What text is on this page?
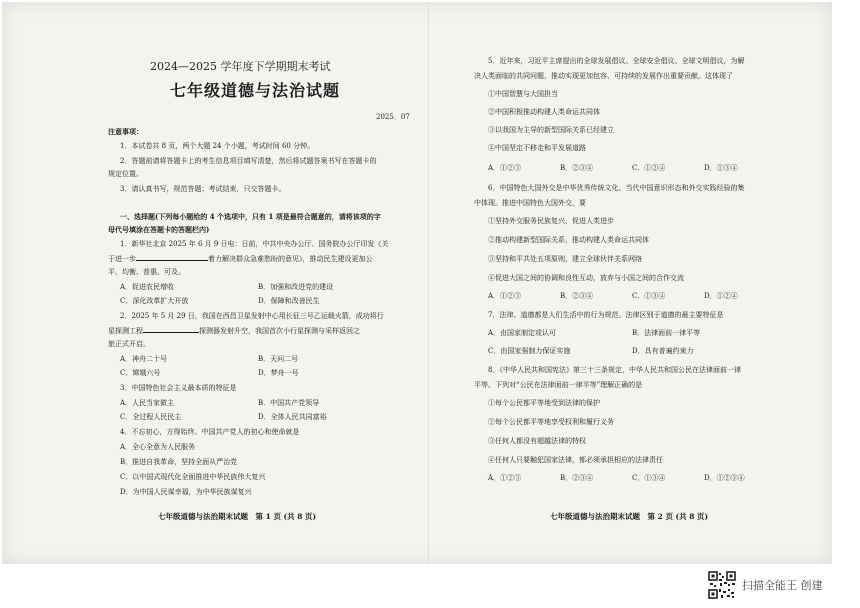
2024—2025 学年度下学期期末考试
七年级道德与法治试题
2025．07
注意事项：
1．本试卷共 8 页，两个大题 24 个小题，考试时间 60 分钟。
2．答题前请将答题卡上的考生信息项目填写清楚，然后将试题答案书写在答题卡的
规定位置。
3．请认真书写，规范答题；考试结束，只交答题卡。
一、选择题(下列每小题给的 4 个选项中，只有 1 项是最符合题意的，请将该项的字
母代号填涂在答题卡的答题栏内)
1．新华社北京 2025 年 6 月 9 日电：日前，中共中央办公厅、国务院办公厅印发《关
于进一步	着力解决群众急难愁盼的意见》，推动民生建设更加公
平、均衡、普惠、可及。
A．促进农民增收	B．加强和改进党的建设
C．深化改革扩大开放	D．保障和改善民生
2．2025 年 5 月 29 日，我国在西昌卫星发射中心用长征三号乙运载火箭，成功将行
星探测工程	探测器发射升空，我国首次小行星探测与采样返回之
旅正式开启。
A．神舟二十号	B．天问二号
C．嫦娥六号	D．梦舟一号
3．中国特色社会主义最本质的特征是
A．人民当家做主	B．中国共产党领导
C．全过程人民民主	D．全体人民共同富裕
4．不忘初心，方得始终。中国共产党人的初心和使命就是
A．全心全意为人民服务
B．推进自我革命，坚持全面从严治党
C．以中国式现代化全面推进中华民族伟大复兴
D．为中国人民谋幸福，为中华民族谋复兴
七年级道德与法治期末试题　第 1 页 (共 8 页)
5．近年来，习近平主席提出的全球发展倡议、全球安全倡议、全球文明倡议，为解
决人类面临的共同问题，推动实现更加包容、可持续的发展作出重要贡献。这体现了
①中国智慧与大国担当
②中国积极推动构建人类命运共同体
③以我国为主导的新型国际关系已经建立
④中国坚定不移走和平发展道路
A．①②③	B．②③④	C．①②④	D．①③④
6．中国特色大国外交是中华优秀传统文化、当代中国意识形态和外交实践经验的集
中体现。推进中国特色大国外交，要
①坚持外交服务民族复兴，促进人类进步
②推动构建新型国际关系，推动构建人类命运共同体
③坚持和平共处五项原则，建立全球伙伴关系网络
④促进大国之间的协调和良性互动，放弃与小国之间的合作交流
A．①②③	B．②③④	C．①③④	D．①②④
7．法律、道德都是人们生活中的行为规范。法律区别于道德的最主要特征是
A．由国家制定或认可	B．法律面前一律平等
C．由国家强制力保证实施	D．具有普遍约束力
8．《中华人民共和国宪法》第三十三条规定，中华人民共和国公民在法律面前一律
平等。下列对“公民在法律面前一律平等”理解正确的是
①每个公民都平等地受到法律的保护
②每个公民都平等地享受权利和履行义务
③任何人都没有超越法律的特权
④任何人只要触犯国家法律，都必须承担相应的法律责任
A．①②③	B．②③④	C．①③④	D．①②③④
七年级道德与法治期末试题　第 2 页 (共 8 页)
扫描全能王 创建
